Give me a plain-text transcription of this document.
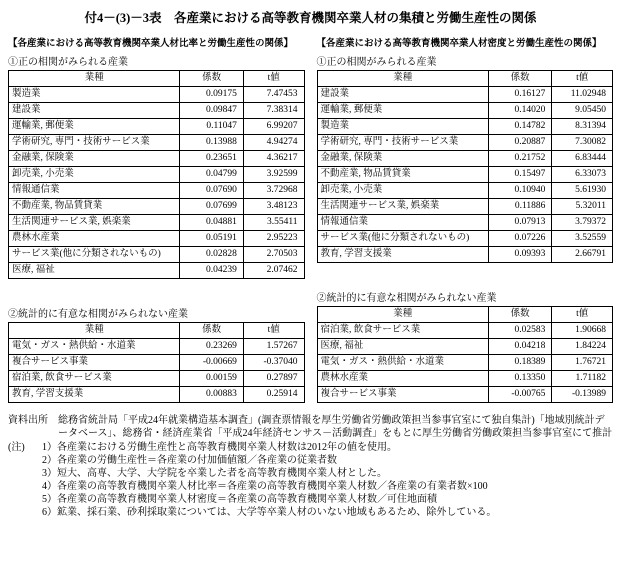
付4－(3)－3表　各産業における高等教育機関卒業人材の集積と労働生産性の関係
【各産業における高等教育機関卒業人材比率と労働生産性の関係】
①正の相関がみられる産業
業種	係数	t値
製造業	0.09175	7.47453
建設業	0.09847	7.38314
運輸業, 郵便業	0.11047	6.99207
学術研究, 専門・技術サービス業	0.13988	4.94274
金融業, 保険業	0.23651	4.36217
卸売業, 小売業	0.04799	3.92599
情報通信業	0.07690	3.72968
不動産業, 物品賃貸業	0.07699	3.48123
生活関連サービス業, 娯楽業	0.04881	3.55411
農林水産業	0.05191	2.95223
サービス業(他に分類されないもの)	0.02828	2.70503
医療, 福祉	0.04239	2.07462
②統計的に有意な相関がみられない産業
業種	係数	t値
電気・ガス・熱供給・水道業	0.23269	1.57267
複合サービス事業	-0.00669	-0.37040
宿泊業, 飲食サービス業	0.00159	0.27897
教育, 学習支援業	0.00883	0.25914
【各産業における高等教育機関卒業人材密度と労働生産性の関係】
①正の相関がみられる産業
業種	係数	t値
建設業	0.16127	11.02948
運輸業, 郵便業	0.14020	9.05450
製造業	0.14782	8.31394
学術研究, 専門・技術サービス業	0.20887	7.30082
金融業, 保険業	0.21752	6.83444
不動産業, 物品賃貸業	0.15497	6.33073
卸売業, 小売業	0.10940	5.61930
生活関連サービス業, 娯楽業	0.11886	5.32011
情報通信業	0.07913	3.79372
サービス業(他に分類されないもの)	0.07226	3.52559
教育, 学習支援業	0.09393	2.66791
②統計的に有意な相関がみられない産業
業種	係数	t値
宿泊業, 飲食サービス業	0.02583	1.90668
医療, 福祉	0.04218	1.84224
電気・ガス・熱供給・水道業	0.18389	1.76721
農林水産業	0.13350	1.71182
複合サービス事業	-0.00765	-0.13989
資料出所	総務省統計局「平成24年就業構造基本調査」(調査票情報を厚生労働省労働政策担当参事官室にて独自集計)「地域別統計データベース」、総務省・経済産業省「平成24年経済センサス－活動調査」をもとに厚生労働省労働政策担当参事官室にて推計
(注)	1）各産業における労働生産性と高等教育機関卒業人材数は2012年の値を使用。
2）各産業の労働生産性＝各産業の付加価値額／各産業の従業者数
3）短大、高専、大学、大学院を卒業した者を高等教育機関卒業人材とした。
4）各産業の高等教育機関卒業人材比率＝各産業の高等教育機関卒業人材数／各産業の有業者数×100
5）各産業の高等教育機関卒業人材密度＝各産業の高等教育機関卒業人材数／可住地面積
6）鉱業、採石業、砂利採取業については、大学等卒業人材のいない地域もあるため、除外している。
